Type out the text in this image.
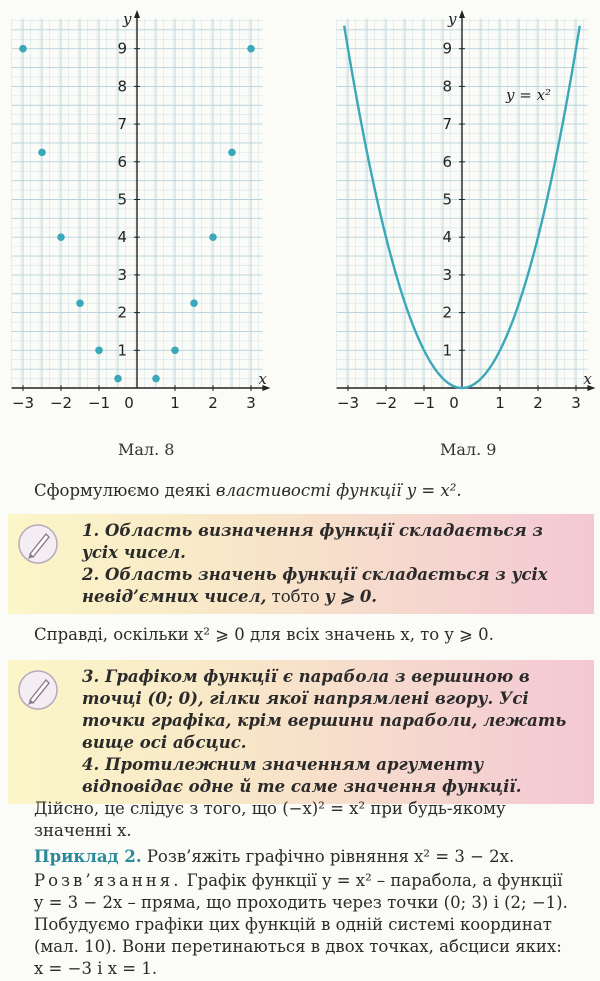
x
y
−3 −2 −1 0 1 2 3
1
2
3
4
5
6
7
8
9
x
y
−3 −2 −1 0 1 2 3
1
2
3
4
5
6
7
8
9
y = x²
Мал. 8	Мал. 9
Сформулюємо деякі властивості функції y = x².
1. Область визначення функції складається з усіх чисел.
2. Область значень функції складається з усіх невід’ємних чисел, тобто y ⩾ 0.
Справді, оскільки x² ⩾ 0 для всіх значень x, то y ⩾ 0.
3. Графіком функції є парабола з вершиною в точці (0; 0), гілки якої напрямлені вгору. Усі точки графіка, крім вершини параболи, лежать вище осі абсцис.
4. Протилежним значенням аргументу відповідає одне й те саме значення функції.
Дійсно, це слідує з того, що (−x)² = x² при будь-якому значенні x.
Приклад 2. Розв’яжіть графічно рівняння x² = 3 − 2x.
Розв’язання. Графік функції y = x² – парабола, а функції y = 3 − 2x – пряма, що проходить через точки (0; 3) і (2; −1). Побудуємо графіки цих функцій в одній системі координат (мал. 10). Вони перетинаються в двох точках, абсциси яких: x = −3 і x = 1.
